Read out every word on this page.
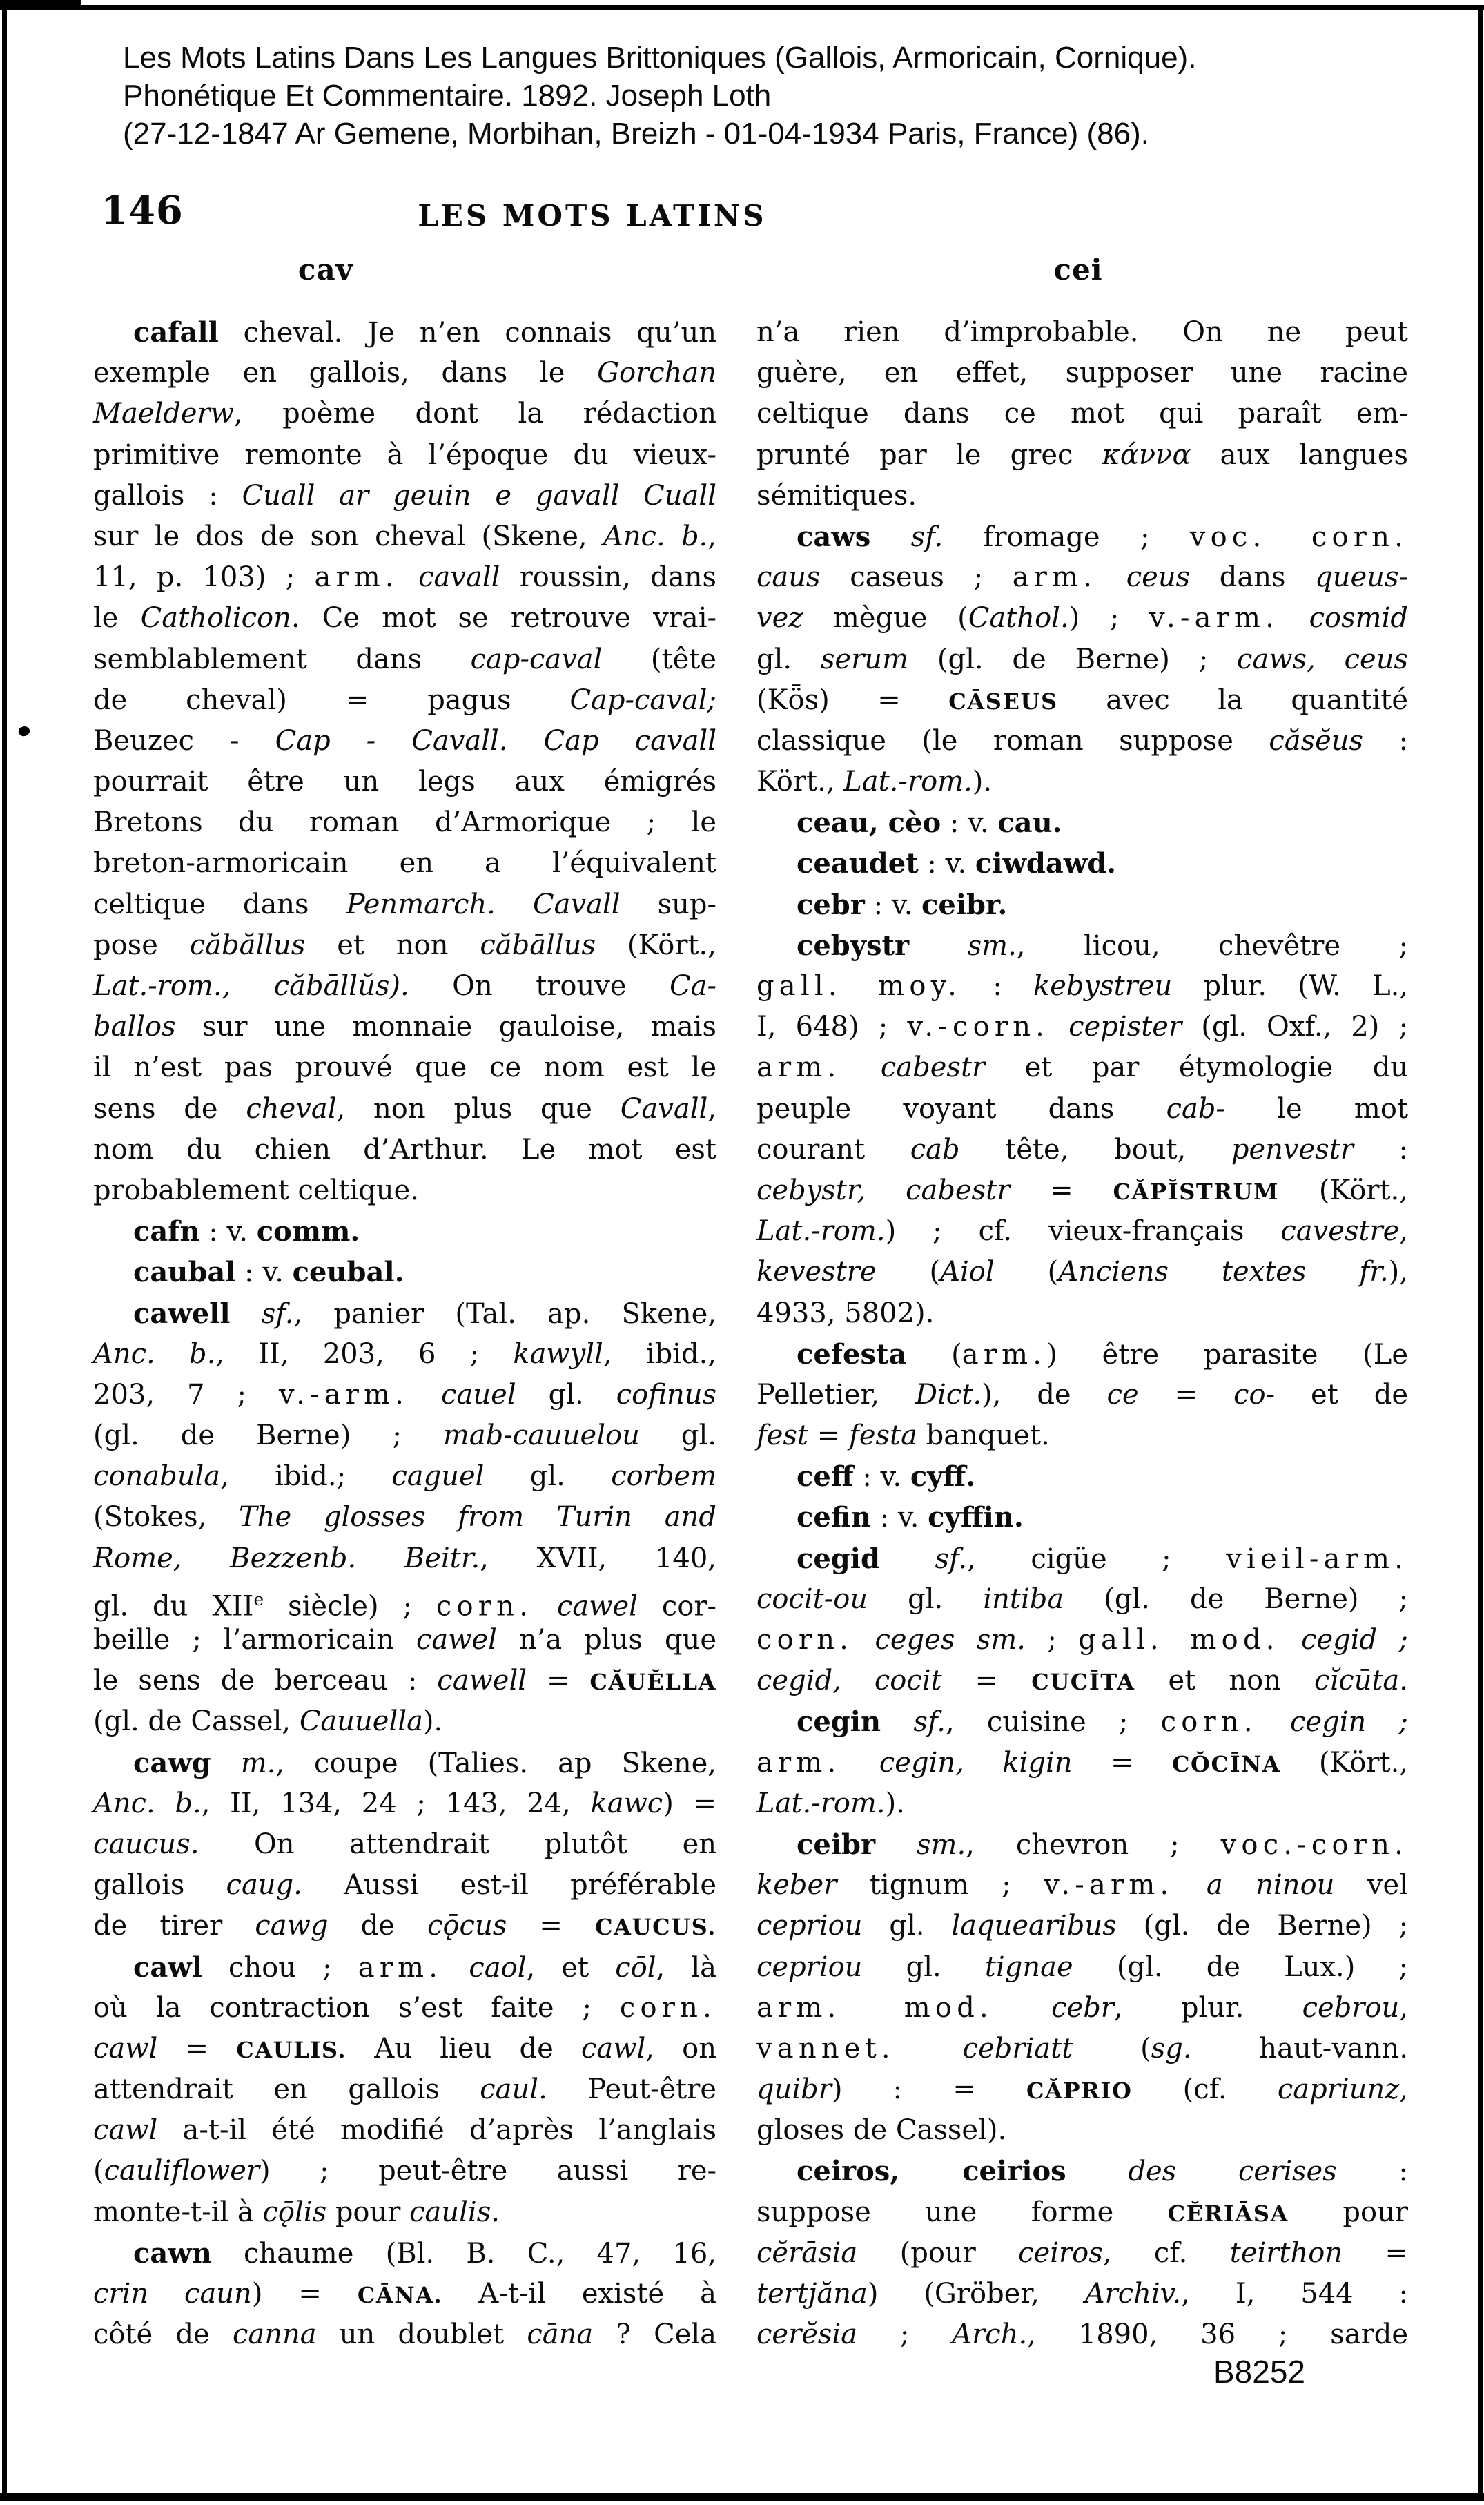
Les Mots Latins Dans Les Langues Brittoniques (Gallois, Armoricain, Cornique).
Phonétique Et Commentaire. 1892. Joseph Loth
(27-12-1847 Ar Gemene, Morbihan, Breizh - 01-04-1934 Paris, France) (86).
146	LES MOTS LATINS
cav	cei
cafall cheval. Je n’en connais qu’un
exemple en gallois, dans le Gorchan
Maelderw, poème dont la rédaction
primitive remonte à l’époque du vieux-
gallois : Cuall ar geuin e gavall Cuall
sur le dos de son cheval (Skene, Anc. b.,
11, p. 103) ; arm. cavall roussin, dans
le Catholicon. Ce mot se retrouve vrai-
semblablement dans cap-caval (tête
de cheval) = pagus Cap-caval;
Beuzec - Cap - Cavall. Cap cavall
pourrait être un legs aux émigrés
Bretons du roman d’Armorique ; le
breton-armoricain en a l’équivalent
celtique dans Penmarch. Cavall sup-
pose căbăllus et non căbāllus (Kört.,
Lat.-rom., căbāllŭs). On trouve Ca-
ballos sur une monnaie gauloise, mais
il n’est pas prouvé que ce nom est le
sens de cheval, non plus que Cavall,
nom du chien d’Arthur. Le mot est
probablement celtique.
cafn : v. comm.
caubal : v. ceubal.
cawell sf., panier (Tal. ap. Skene,
Anc. b., II, 203, 6 ; kawyll, ibid.,
203, 7 ; v.-arm. cauel gl. cofinus
(gl. de Berne) ; mab-cauuelou gl.
conabula, ibid.; caguel gl. corbem
(Stokes, The glosses from Turin and
Rome, Bezzenb. Beitr., XVII, 140,
gl. du XIIe siècle) ; corn. cawel cor-
beille ; l’armoricain cawel n’a plus que
le sens de berceau : cawell = CĂUĔLLA
(gl. de Cassel, Cauuella).
cawg m., coupe (Talies. ap Skene,
Anc. b., II, 134, 24 ; 143, 24, kawc) =
caucus. On attendrait plutôt en
gallois caug. Aussi est-il préférable
de tirer cawg de cǭcus = CAUCUS.
cawl chou ; arm. caol, et cōl, là
où la contraction s’est faite ; corn.
cawl = CAULIS. Au lieu de cawl, on
attendrait en gallois caul. Peut-être
cawl a-t-il été modifié d’après l’anglais
(cauliflower) ; peut-être aussi re-
monte-t-il à cǭlis pour caulis.
cawn chaume (Bl. B. C., 47, 16,
crin caun) = CĀNA. A-t-il existé à
côté de canna un doublet cāna ? Cela
n’a rien d’improbable. On ne peut
guère, en effet, supposer une racine
celtique dans ce mot qui paraît em-
prunté par le grec κάννα aux langues
sémitiques.
caws sf. fromage ; voc. corn.
caus caseus ; arm. ceus dans queus-
vez mègue (Cathol.) ; v.-arm. cosmid
gl. serum (gl. de Berne) ; caws, ceus
(Kȫs) = CĀSEUS avec la quantité
classique (le roman suppose căsĕus :
Kört., Lat.-rom.).
ceau, cèo : v. cau.
ceaudet : v. ciwdawd.
cebr : v. ceibr.
cebystr sm., licou, chevêtre ;
gall. moy. : kebystreu plur. (W. L.,
I, 648) ; v.-corn. cepister (gl. Oxf., 2) ;
arm. cabestr et par étymologie du
peuple voyant dans cab- le mot
courant cab tête, bout, penvestr :
cebystr, cabestr = CĂPĬSTRUM (Kört.,
Lat.-rom.) ; cf. vieux-français cavestre,
kevestre (Aiol (Anciens textes fr.),
4933, 5802).
cefesta (arm.) être parasite (Le
Pelletier, Dict.), de ce = co- et de
fest = festa banquet.
ceff : v. cyff.
cefin : v. cyffin.
cegid sf., cigüe ; vieil-arm.
cocit-ou gl. intiba (gl. de Berne) ;
corn. ceges sm. ; gall. mod. cegid ;
cegid, cocit = CUCĪTA et non cĭcūta.
cegin sf., cuisine ; corn. cegin ;
arm. cegin, kigin = CŎCĪNA (Kört.,
Lat.-rom.).
ceibr sm., chevron ; voc.-corn.
keber tignum ; v.-arm. a ninou vel
cepriou gl. laquearibus (gl. de Berne) ;
cepriou gl. tignae (gl. de Lux.) ;
arm. mod. cebr, plur. cebrou,
vannet. cebriatt (sg. haut-vann.
quibr) : = CĂPRIO (cf. capriunz,
gloses de Cassel).
ceiros, ceirios des cerises :
suppose une forme CĔRIĀSA pour
cĕrāsia (pour ceiros, cf. teirthon =
tertjăna) (Gröber, Archiv., I, 544 :
cerĕsia ; Arch., 1890, 36 ; sarde
B8252
